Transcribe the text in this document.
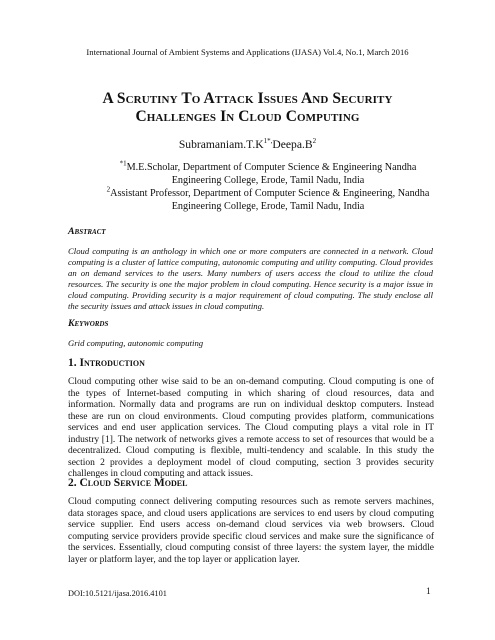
International Journal of Ambient Systems and Applications (IJASA) Vol.4, No.1, March 2016
A Scrutiny To Attack Issues And Security
Challenges In Cloud Computing
$Subramaniam.T.K^{1*,}Deepa.B^2$
$^{*1}$M.E.Scholar, Department of Computer Science & Engineering Nandha Engineering College, Erode, Tamil Nadu, India
$^2$Assistant Professor, Department of Computer Science & Engineering, Nandha Engineering College, Erode, Tamil Nadu, India
Abstract

Cloud computing is an anthology in which one or more computers are connected in a network. Cloud computing is a cluster of lattice computing, autonomic computing and utility computing. Cloud provides an on demand services to the users. Many numbers of users access the cloud to utilize the cloud resources. The security is one the major problem in cloud computing. Hence security is a major issue in cloud computing. Providing security is a major requirement of cloud computing. The study enclose all the security issues and attack issues in cloud computing.

Keywords

Grid computing, autonomic computing

1. Introduction

Cloud computing other wise said to be an on-demand computing. Cloud computing is one of the types of Internet-based computing in which sharing of cloud resources, data and information. Normally data and programs are run on individual desktop computers. Instead these are run on cloud environments. Cloud computing provides platform, communications services and end user application services. The Cloud computing plays a vital role in IT industry [1]. The network of networks gives a remote access to set of resources that would be a decentralized. Cloud computing is flexible, multi-tendency and scalable. In this study the section 2 provides a deployment model of cloud computing, section 3 provides security challenges in cloud computing and attack issues.

2. Cloud Service Model

Cloud computing connect delivering computing resources such as remote servers machines, data storages space, and cloud users applications are services to end users by cloud computing service supplier. End users access on-demand cloud services via web browsers. Cloud computing service providers provide specific cloud services and make sure the significance of the services. Essentially, cloud computing consist of three layers: the system layer, the middle layer or platform layer, and the top layer or application layer.

DOI:10.5121/ijasa.2016.4101	1
